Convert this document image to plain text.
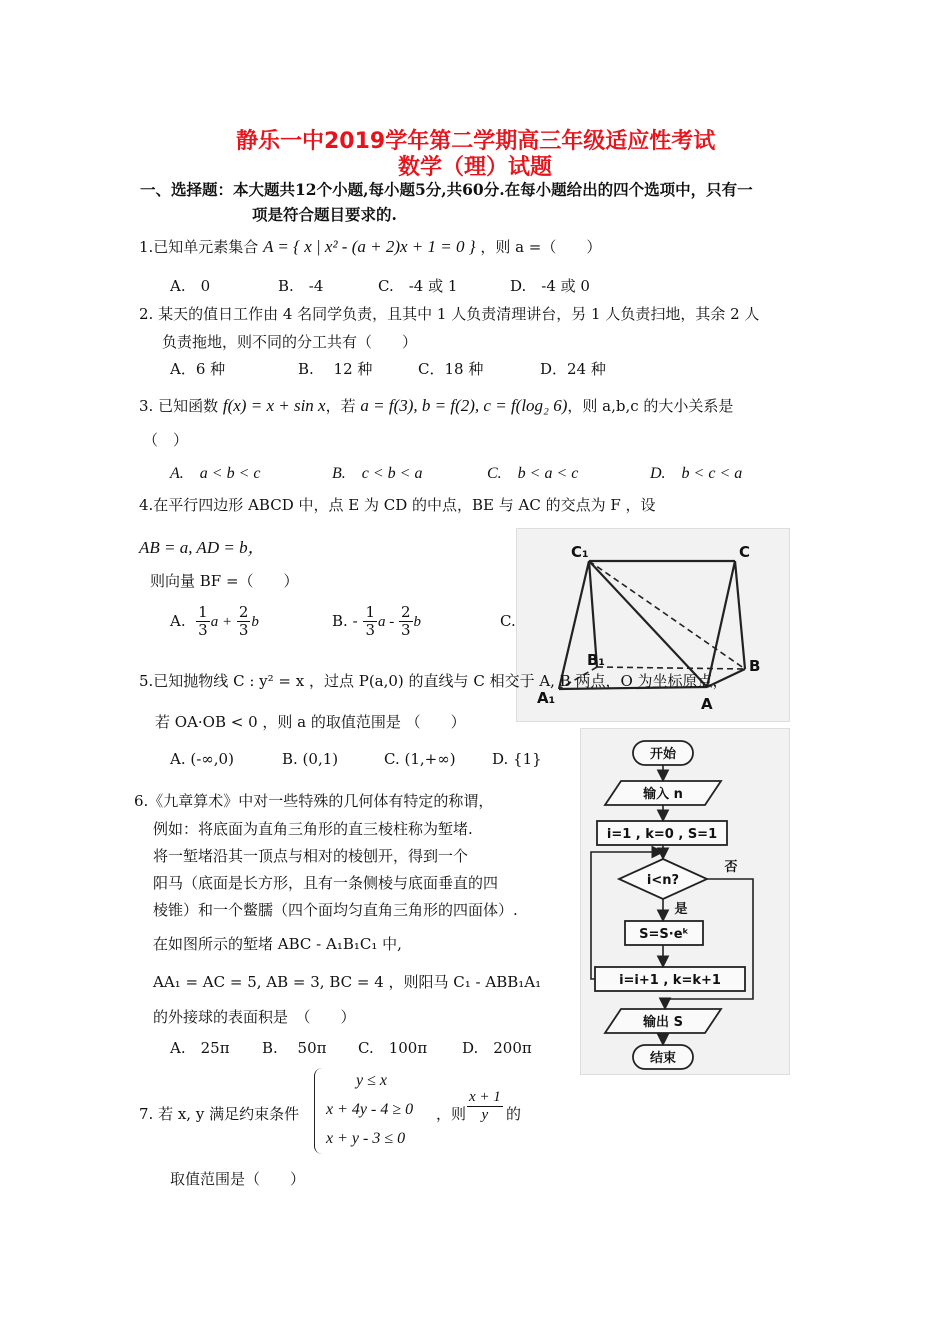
静乐一中2019学年第二学期高三年级适应性考试
数学（理）试题
一、选择题：本大题共12个小题,每小题5分,共60分.在每小题给出的四个选项中，只有一
项是符合题目要求的.
1.已知单元素集合 A = { x | x² - (a + 2)x + 1 = 0 } ，则 a =（　　）
A.　0	B.　-4	C.　-4 或 1	D.　-4 或 0
2. 某天的值日工作由 4 名同学负责，且其中 1 人负责清理讲台，另 1 人负责扫地，其余 2 人
负责拖地，则不同的分工共有（　　）
A．6 种	B.　 12 种	C．18 种	D．24 种
3. 已知函数 f(x) = x + sin x，若 a = f(3), b = f(2), c = f(log₂ 6)，则 a,b,c 的大小关系是
（　）
A.　a < b < c	B.　c < b < a	C.　b < a < c	D.　b < c < a
4.在平行四边形 ABCD 中，点 E 为 CD 的中点，BE 与 AC 的交点为 F ，设
AB = a, AD = b，
则向量 BF =（　　）
A. $\frac{1}{3}$ $a + \frac{2}{3}$ b	B. - $\frac{1}{3}$ a - $\frac{2}{3}$ b	C.

C₁	C
B₁
A₁	A
B
5.已知抛物线 C : y² = x ，过点 P(a,0) 的直线与 C 相交于 A, B 两点，O 为坐标原点，
若 OA·OB < 0 ，则 a 的取值范围是 （　　）
A. (-∞,0)	B. (0,1)	C. (1,+∞) D. {1}	开始
输入 n
i=1 , k=0 , S=1
i<n?
否
是
S=S·eᵏ
i=i+1 , k=k+1
输出 S
结束
6.《九章算术》中对一些特殊的几何体有特定的称谓，
例如：将底面为直角三角形的直三棱柱称为堑堵.
将一堑堵沿其一顶点与相对的棱刨开，得到一个
阳马（底面是长方形，且有一条侧棱与底面垂直的四
棱锥）和一个鳖臑（四个面均匀直角三角形的四面体）.
在如图所示的堑堵 ABC - A₁B₁C₁ 中,
AA₁ = AC = 5, AB = 3, BC = 4 ，则阳马 C₁ - ABB₁A₁
的外接球的表面积是　（　　）
A.　25π B.　 50π C.　100π D.　200π
7. 若 x, y 满足约束条件
y ≤ x
x + 4y - 4 ≥ 0
x + y - 3 ≤ 0
，则 $\frac{x + 1}{y}$ 的
取值范围是（　　）
